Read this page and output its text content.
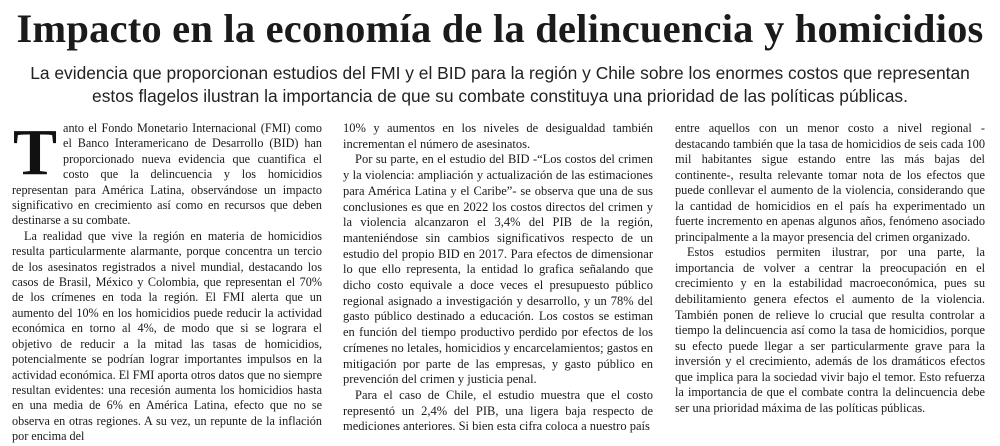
Impacto en la economía de la delincuencia y homicidios
La evidencia que proporcionan estudios del FMI y el BID para la región y Chile sobre los enormes costos que representan estos flagelos ilustran la importancia de que su combate constituya una prioridad de las políticas públicas.
T anto el Fondo Monetario Internacional (FMI) como el Banco Interamericano de Desarrollo (BID) han proporcionado nueva evidencia que cuantifica el costo que la delincuencia y los homicidios representan para América Latina, observándose un impacto significativo en crecimiento así como en recursos que deben destinarse a su combate.

La realidad que vive la región en materia de homicidios resulta particularmente alarmante, porque concentra un tercio de los asesinatos registrados a nivel mundial, destacando los casos de Brasil, México y Colombia, que representan el 70% de los crímenes en toda la región. El FMI alerta que un aumento del 10% en los homicidios puede reducir la actividad económica en torno al 4%, de modo que si se lograra el objetivo de reducir a la mitad las tasas de homicidios, potencialmente se podrían lograr importantes impulsos en la actividad económica. El FMI aporta otros datos que no siempre resultan evidentes: una recesión aumenta los homicidios hasta en una media de 6% en América Latina, efecto que no se observa en otras regiones. A su vez, un repunte de la inflación por encima del

10% y aumentos en los niveles de desigualdad también incrementan el número de asesinatos.

Por su parte, en el estudio del BID -“Los costos del crimen y la violencia: ampliación y actualización de las estimaciones para América Latina y el Caribe”- se observa que una de sus conclusiones es que en 2022 los costos directos del crimen y la violencia alcanzaron el 3,4% del PIB de la región, manteniéndose sin cambios significativos respecto de un estudio del propio BID en 2017. Para efectos de dimensionar lo que ello representa, la entidad lo grafica señalando que dicho costo equivale a doce veces el presupuesto público regional asignado a investigación y desarrollo, y un 78% del gasto público destinado a educación. Los costos se estiman en función del tiempo productivo perdido por efectos de los crímenes no letales, homicidios y encarcelamientos; gastos en mitigación por parte de las empresas, y gasto público en prevención del crimen y justicia penal.

Para el caso de Chile, el estudio muestra que el costo representó un 2,4% del PIB, una ligera baja respecto de mediciones anteriores. Si bien esta cifra coloca a nuestro país

entre aquellos con un menor costo a nivel regional -destacando también que la tasa de homicidios de seis cada 100 mil habitantes sigue estando entre las más bajas del continente-, resulta relevante tomar nota de los efectos que puede conllevar el aumento de la violencia, considerando que la cantidad de homicidios en el país ha experimentado un fuerte incremento en apenas algunos años, fenómeno asociado principalmente a la mayor presencia del crimen organizado.

Estos estudios permiten ilustrar, por una parte, la importancia de volver a centrar la preocupación en el crecimiento y en la estabilidad macroeconómica, pues su debilitamiento genera efectos el aumento de la violencia. También ponen de relieve lo crucial que resulta controlar a tiempo la delincuencia así como la tasa de homicidios, porque su efecto puede llegar a ser particularmente grave para la inversión y el crecimiento, además de los dramáticos efectos que implica para la sociedad vivir bajo el temor. Esto refuerza la importancia de que el combate contra la delincuencia debe ser una prioridad máxima de las políticas públicas.
